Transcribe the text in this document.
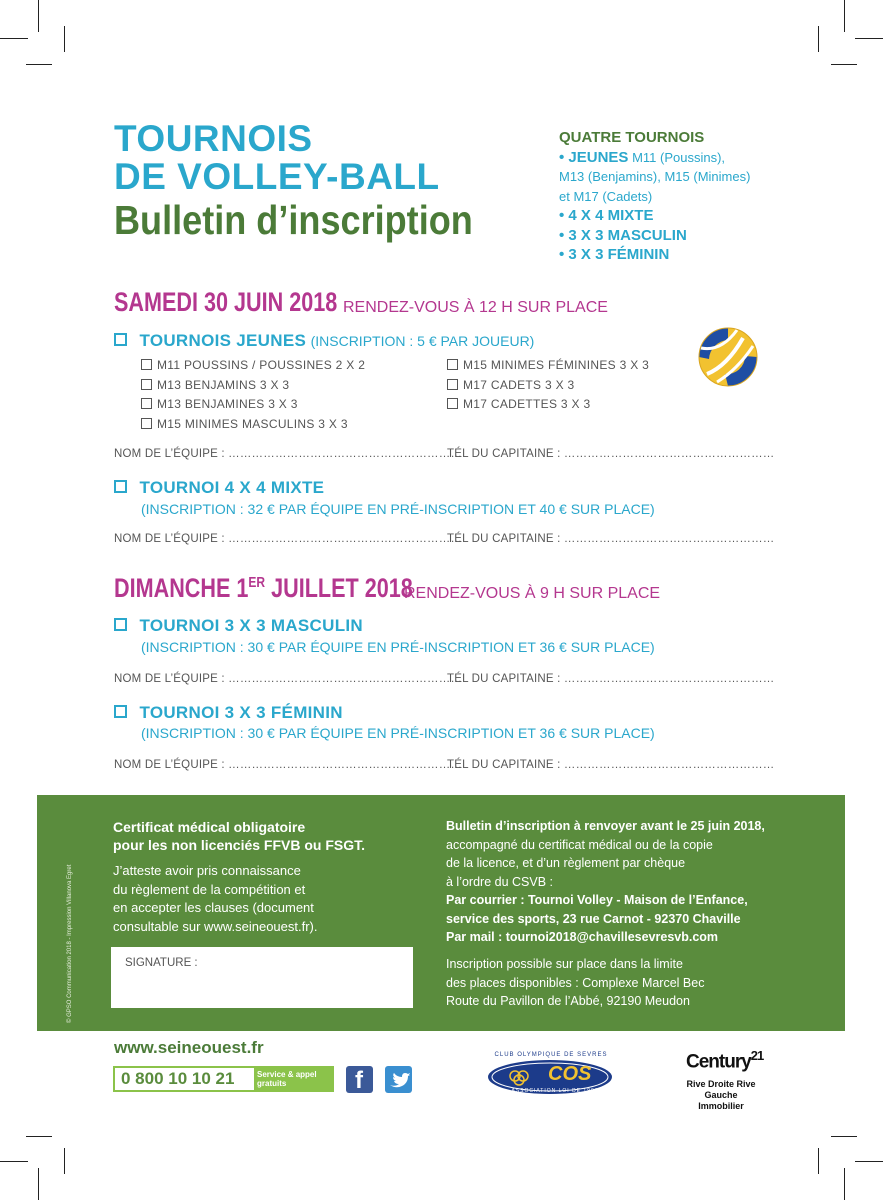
TOURNOIS
DE VOLLEY-BALL
Bulletin d’inscription
QUATRE TOURNOIS
• JEUNES M11 (Poussins),
M13 (Benjamins), M15 (Minimes)
et M17 (Cadets)
• 4 X 4 MIXTE
• 3 X 3 MASCULIN
• 3 X 3 FÉMININ
SAMEDI 30 JUIN 2018 RENDEZ-VOUS À 12 H SUR PLACE
TOURNOIS JEUNES (INSCRIPTION : 5 € PAR JOUEUR)
M11 POUSSINS / POUSSINES 2 X 2
M13 BENJAMINS 3 X 3
M13 BENJAMINES 3 X 3
M15 MINIMES MASCULINS 3 X 3
M15 MINIMES FÉMININES 3 X 3
M17 CADETS 3 X 3
M17 CADETTES 3 X 3
NOM DE L’ÉQUIPE : ……………………………………………………
TÉL DU CAPITAINE : ………………………………………………
TOURNOI 4 X 4 MIXTE
(INSCRIPTION : 32 € PAR ÉQUIPE EN PRÉ-INSCRIPTION ET 40 € SUR PLACE)
NOM DE L’ÉQUIPE : ……………………………………………………
TÉL DU CAPITAINE : ………………………………………………
DIMANCHE 1ER JUILLET 2018
RENDEZ-VOUS À 9 H SUR PLACE
TOURNOI 3 X 3 MASCULIN
(INSCRIPTION : 30 € PAR ÉQUIPE EN PRÉ-INSCRIPTION ET 36 € SUR PLACE)
NOM DE L’ÉQUIPE : ……………………………………………………
TÉL DU CAPITAINE : ………………………………………………
TOURNOI 3 X 3 FÉMININ
(INSCRIPTION : 30 € PAR ÉQUIPE EN PRÉ-INSCRIPTION ET 36 € SUR PLACE)
NOM DE L’ÉQUIPE : ……………………………………………………
TÉL DU CAPITAINE : ………………………………………………
© GPSO Communication 2018 - Impression Villanova Egret
Certificat médical obligatoire
pour les non licenciés FFVB ou FSGT.
J’atteste avoir pris connaissance
du règlement de la compétition et
en accepter les clauses (document
consultable sur www.seineouest.fr).
SIGNATURE :
Bulletin d’inscription à renvoyer avant le 25 juin 2018,
accompagné du certificat médical ou de la copie
de la licence, et d’un règlement par chèque
à l’ordre du CSVB :
Par courrier : Tournoi Volley - Maison de l’Enfance,
service des sports, 23 rue Carnot - 92370 Chaville
Par mail : tournoi2018@chavillesevresvb.com
Inscription possible sur place dans la limite
des places disponibles : Complexe Marcel Bec
Route du Pavillon de l’Abbé, 92190 Meudon
www.seineouest.fr
0 800 10 10 21	Service & appel gratuits	f
CLUB OLYMPIQUE DE SEVRES
COS
ASSOCIATION LOI DE 1901
Century$^{21}$
Rive Droite Rive Gauche
Immobilier
